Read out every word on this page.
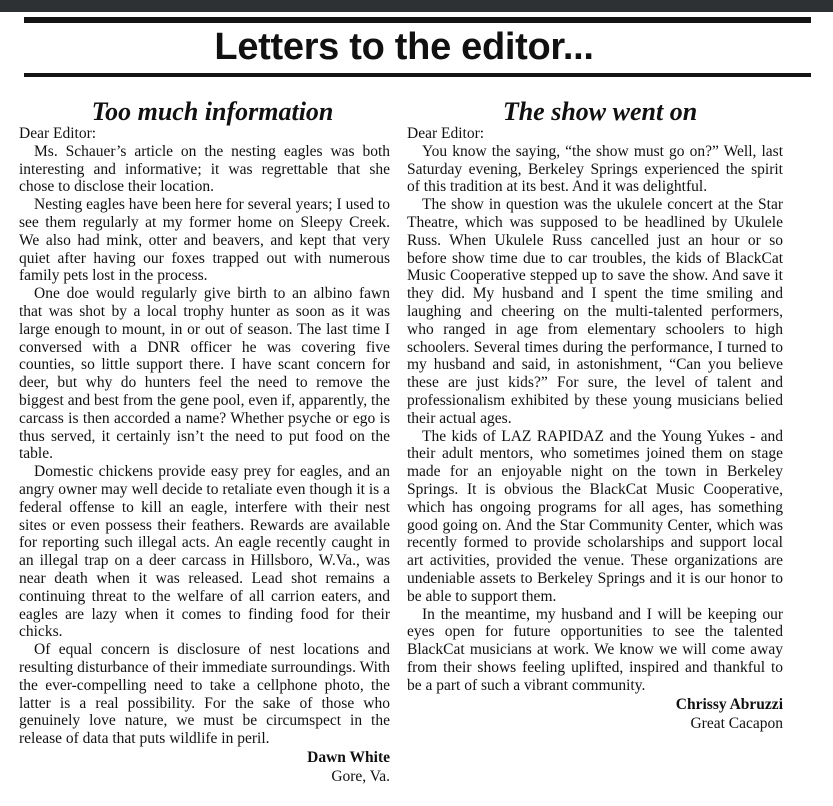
Letters to the editor...
Too much information

Dear Editor:

Ms. Schauer’s article on the nesting eagles was both interesting and informative; it was regrettable that she chose to disclose their location.

Nesting eagles have been here for several years; I used to see them regularly at my former home on Sleepy Creek. We also had mink, otter and beavers, and kept that very quiet after having our foxes trapped out with numerous family pets lost in the process.

One doe would regularly give birth to an albino fawn that was shot by a local trophy hunter as soon as it was large enough to mount, in or out of season. The last time I conversed with a DNR officer he was covering five counties, so little support there. I have scant concern for deer, but why do hunters feel the need to remove the biggest and best from the gene pool, even if, apparently, the carcass is then accorded a name? Whether psyche or ego is thus served, it certainly isn’t the need to put food on the table.

Domestic chickens provide easy prey for eagles, and an angry owner may well decide to retaliate even though it is a federal offense to kill an eagle, interfere with their nest sites or even possess their feathers. Rewards are available for reporting such illegal acts. An eagle recently caught in an illegal trap on a deer carcass in Hillsboro, W.Va., was near death when it was released. Lead shot remains a continuing threat to the welfare of all carrion eaters, and eagles are lazy when it comes to finding food for their chicks.

Of equal concern is disclosure of nest locations and resulting disturbance of their immediate surroundings. With the ever-compelling need to take a cellphone photo, the latter is a real possibility. For the sake of those who genuinely love nature, we must be circumspect in the release of data that puts wildlife in peril.

Dawn White
Gore, Va.
The show went on

Dear Editor:

You know the saying, “the show must go on?” Well, last Saturday evening, Berkeley Springs experienced the spirit of this tradition at its best. And it was delightful.

The show in question was the ukulele concert at the Star Theatre, which was supposed to be headlined by Ukulele Russ. When Ukulele Russ cancelled just an hour or so before show time due to car troubles, the kids of BlackCat Music Cooperative stepped up to save the show. And save it they did. My husband and I spent the time smiling and laughing and cheering on the multi-talented performers, who ranged in age from elementary schoolers to high schoolers. Several times during the performance, I turned to my husband and said, in astonishment, “Can you believe these are just kids?” For sure, the level of talent and professionalism exhibited by these young musicians belied their actual ages.

The kids of LAZ RAPIDAZ and the Young Yukes - and their adult mentors, who sometimes joined them on stage made for an enjoyable night on the town in Berkeley Springs. It is obvious the BlackCat Music Cooperative, which has ongoing programs for all ages, has something good going on. And the Star Community Center, which was recently formed to provide scholarships and support local art activities, provided the venue. These organizations are undeniable assets to Berkeley Springs and it is our honor to be able to support them.

In the meantime, my husband and I will be keeping our eyes open for future opportunities to see the talented BlackCat musicians at work. We know we will come away from their shows feeling uplifted, inspired and thankful to be a part of such a vibrant community.

Chrissy Abruzzi
Great Cacapon
